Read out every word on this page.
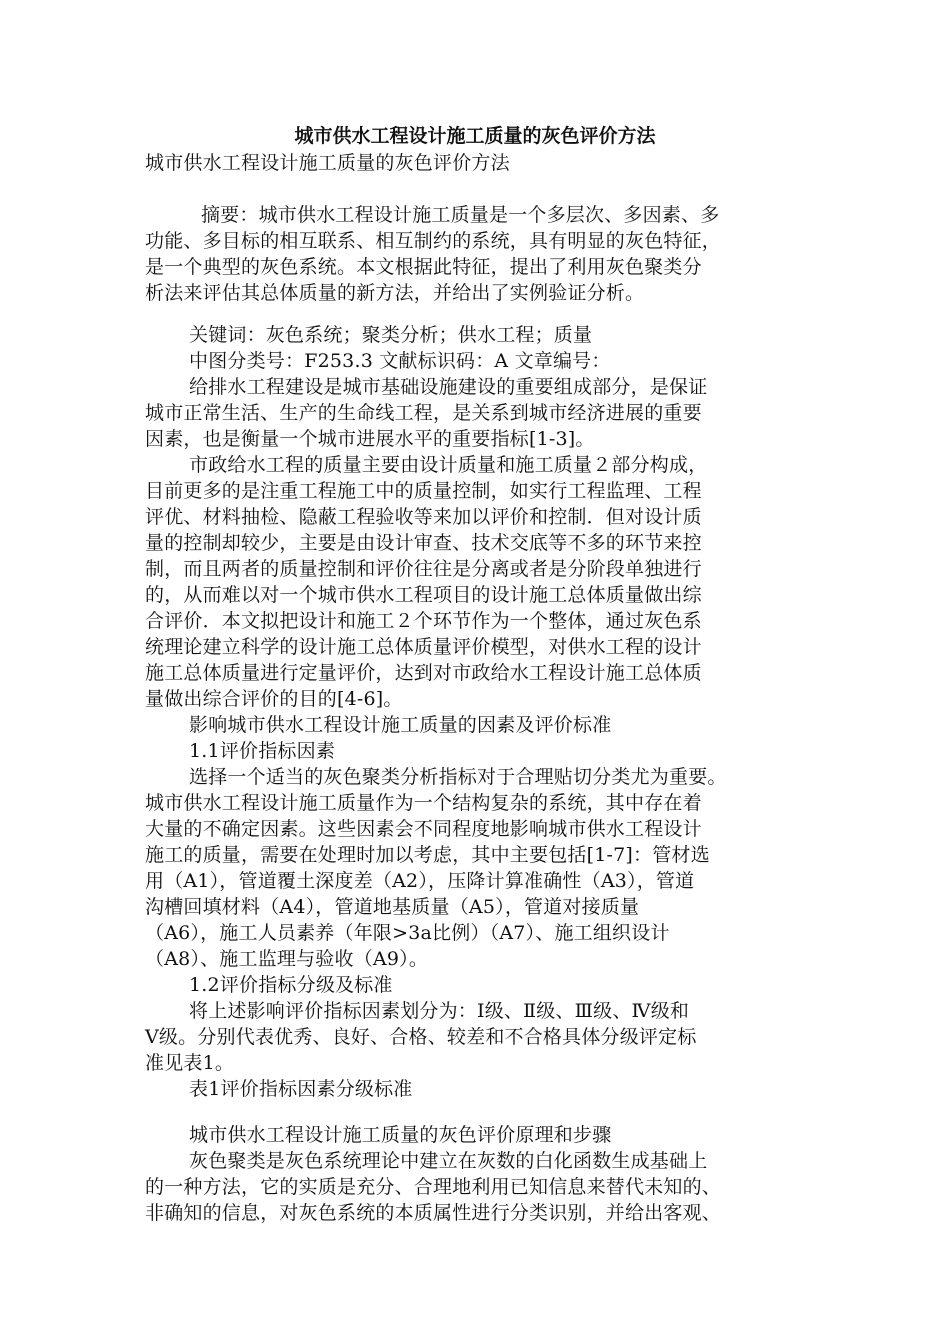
城市供水工程设计施工质量的灰色评价方法
城市供水工程设计施工质量的灰色评价方法
摘要：城市供水工程设计施工质量是一个多层次、多因素、多
功能、多目标的相互联系、相互制约的系统，具有明显的灰色特征，
是一个典型的灰色系统。本文根据此特征，提出了利用灰色聚类分
析法来评估其总体质量的新方法，并给出了实例验证分析。
关键词：灰色系统；聚类分析；供水工程；质量
中图分类号：F253.3 文献标识码：A 文章编号：
给排水工程建设是城市基础设施建设的重要组成部分，是保证
城市正常生活、生产的生命线工程，是关系到城市经济进展的重要
因素，也是衡量一个城市进展水平的重要指标[1-3]。
市政给水工程的质量主要由设计质量和施工质量２部分构成，
目前更多的是注重工程施工中的质量控制，如实行工程监理、工程
评优、材料抽检、隐蔽工程验收等来加以评价和控制．但对设计质
量的控制却较少，主要是由设计审查、技术交底等不多的环节来控
制，而且两者的质量控制和评价往往是分离或者是分阶段单独进行
的，从而难以对一个城市供水工程项目的设计施工总体质量做出综
合评价．本文拟把设计和施工２个环节作为一个整体，通过灰色系
统理论建立科学的设计施工总体质量评价模型，对供水工程的设计
施工总体质量进行定量评价，达到对市政给水工程设计施工总体质
量做出综合评价的目的[4-6]。
影响城市供水工程设计施工质量的因素及评价标准
1.1评价指标因素
选择一个适当的灰色聚类分析指标对于合理贴切分类尤为重要。
城市供水工程设计施工质量作为一个结构复杂的系统，其中存在着
大量的不确定因素。这些因素会不同程度地影响城市供水工程设计
施工的质量，需要在处理时加以考虑，其中主要包括[1-7]：管材选
用（A1），管道覆土深度差（A2），压降计算准确性（A3），管道
沟槽回填材料（A4），管道地基质量（A5），管道对接质量
（A6），施工人员素养（年限>3a比例）（A7）、施工组织设计
（A8）、施工监理与验收（A9）。
1.2评价指标分级及标准
将上述影响评价指标因素划分为：Ⅰ级、Ⅱ级、Ⅲ级、Ⅳ级和
Ⅴ级。分别代表优秀、良好、合格、较差和不合格具体分级评定标
准见表1。
表1评价指标因素分级标准
城市供水工程设计施工质量的灰色评价原理和步骤
灰色聚类是灰色系统理论中建立在灰数的白化函数生成基础上
的一种方法，它的实质是充分、合理地利用已知信息来替代未知的、
非确知的信息，对灰色系统的本质属性进行分类识别，并给出客观、
